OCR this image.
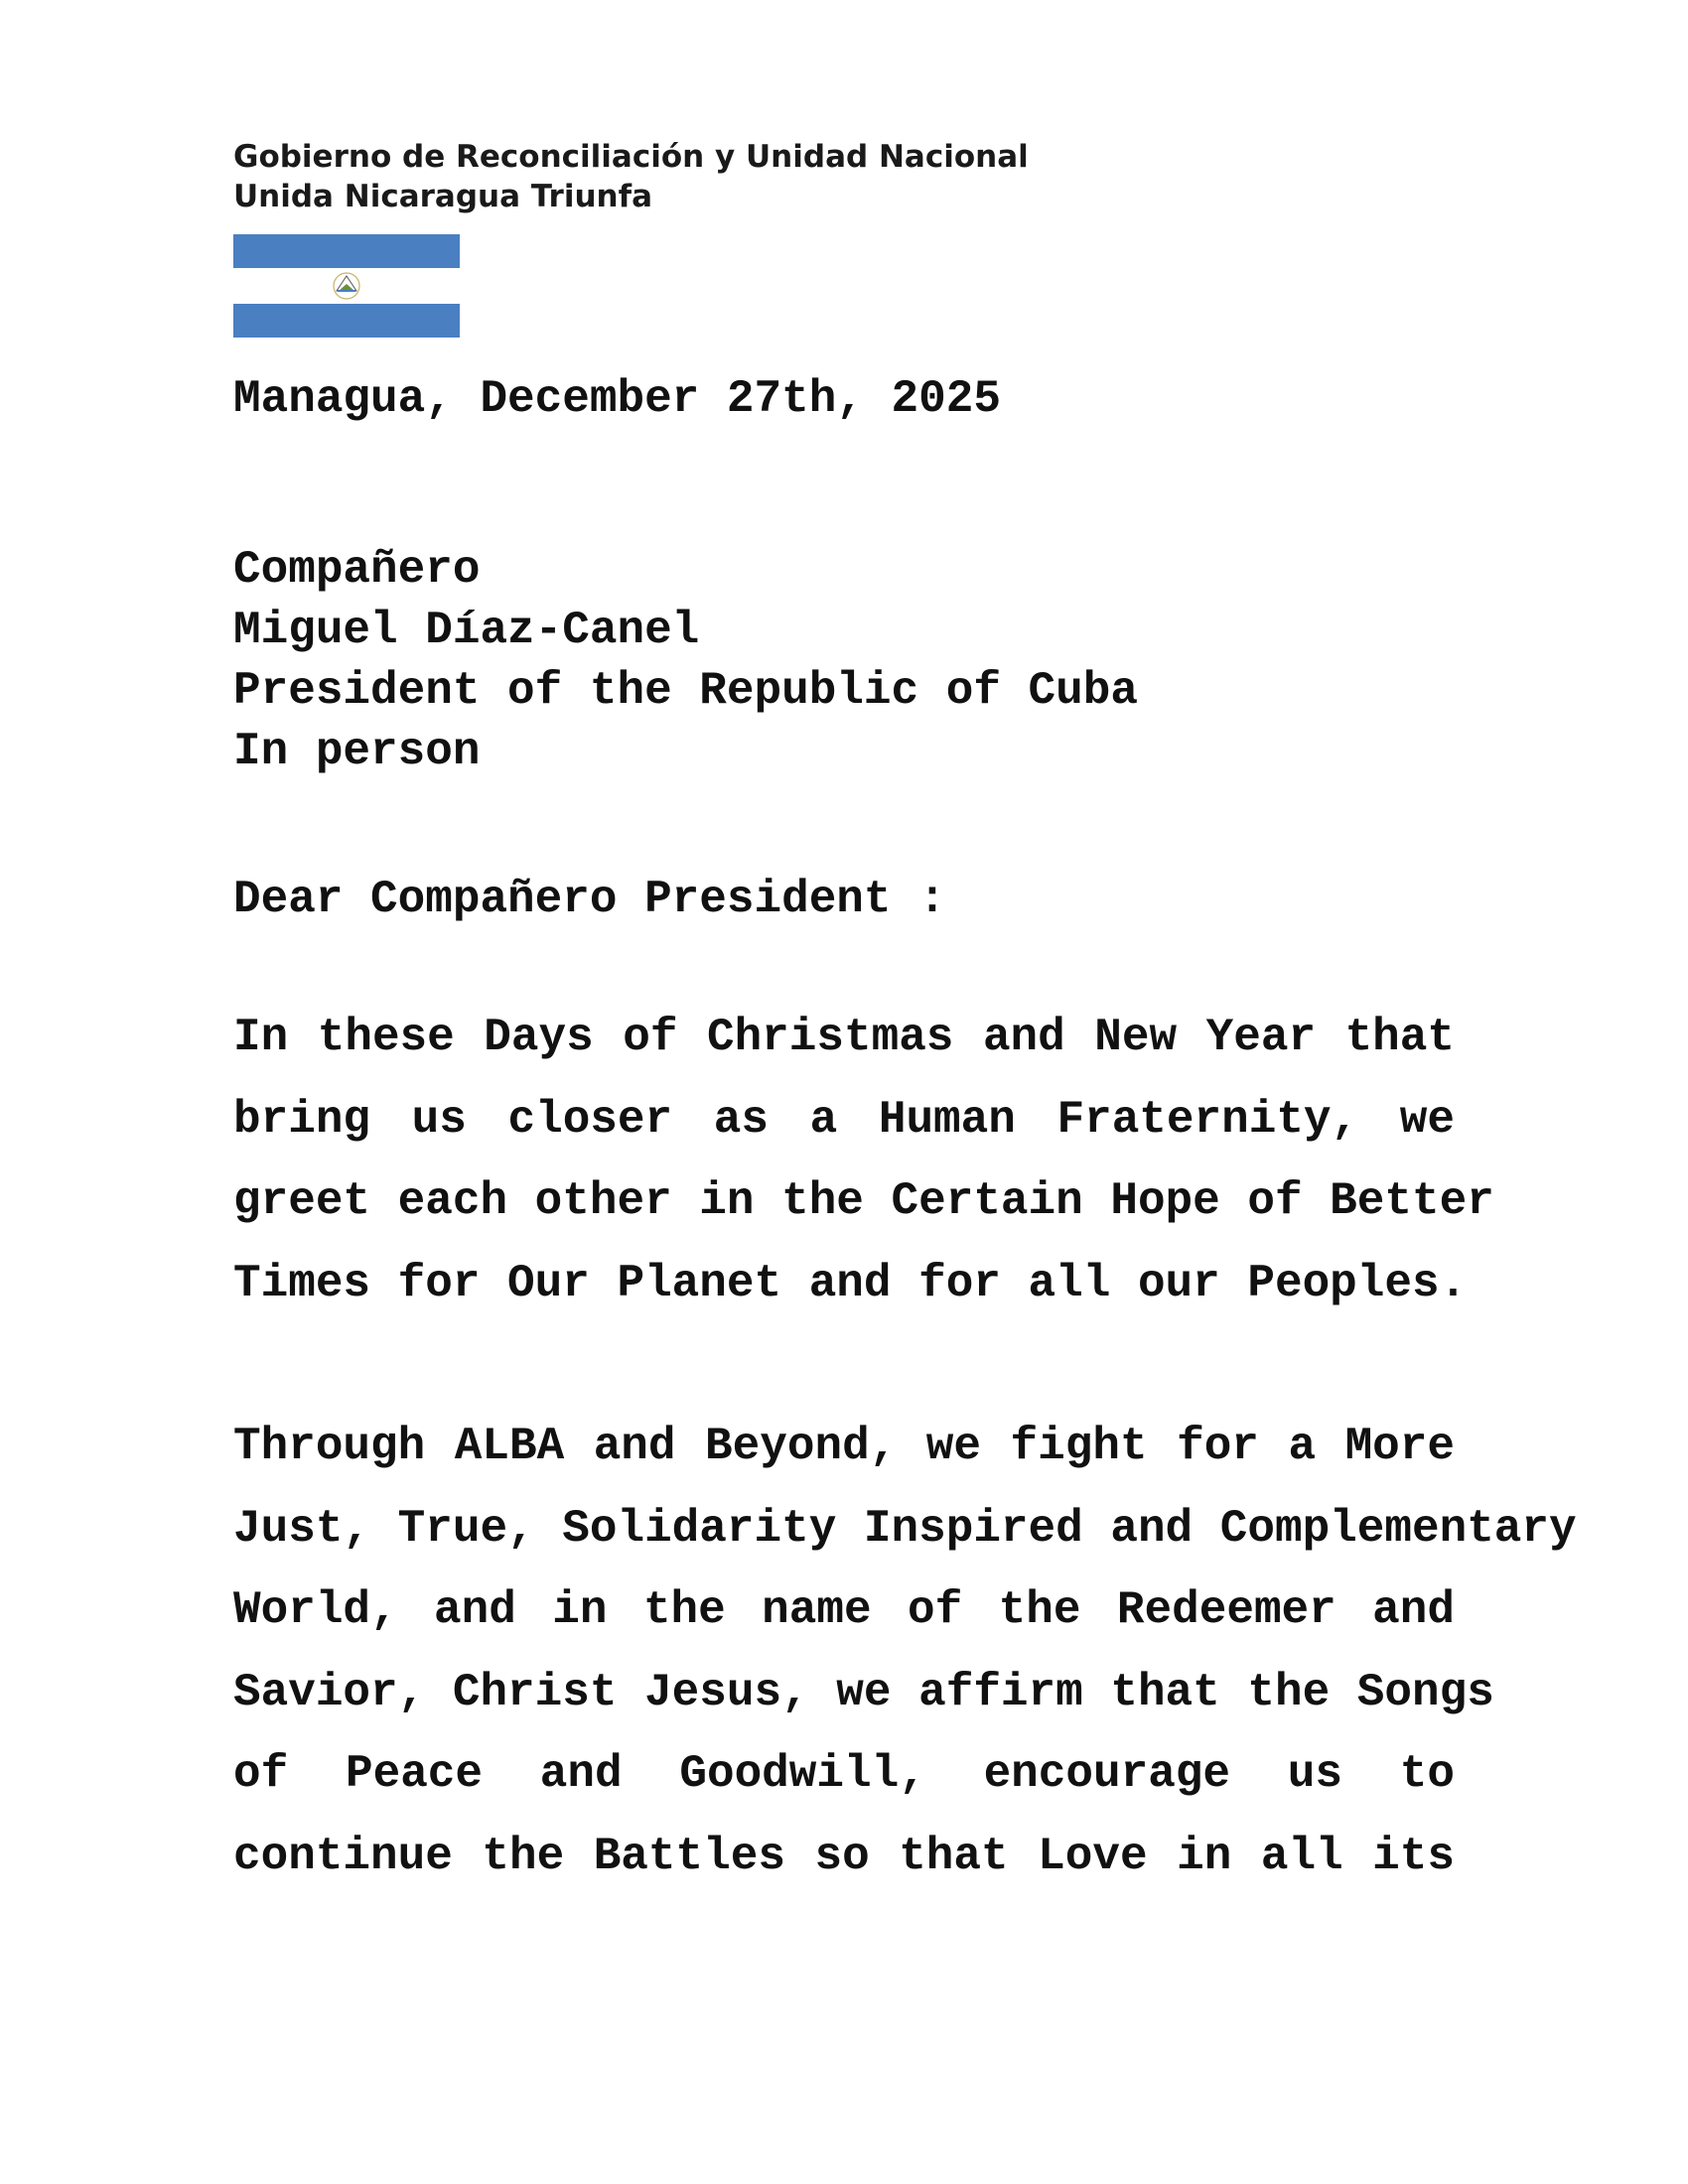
Gobierno de Reconciliación y Unidad Nacional
Unida Nicaragua Triunfa
Managua, December 27th, 2025
Compañero
Miguel Díaz-Canel
President of the Republic of Cuba
In person
Dear Compañero President :
In these Days of Christmas and New Year that
bring us closer as a Human Fraternity, we
greet each other in the Certain Hope of Better
Times for Our Planet and for all our Peoples.
Through ALBA and Beyond, we fight for a More
Just, True, Solidarity Inspired and Complementary
World, and in the name of the Redeemer and
Savior, Christ Jesus, we affirm that the Songs
of Peace and Goodwill, encourage us to
continue the Battles so that Love in all its
